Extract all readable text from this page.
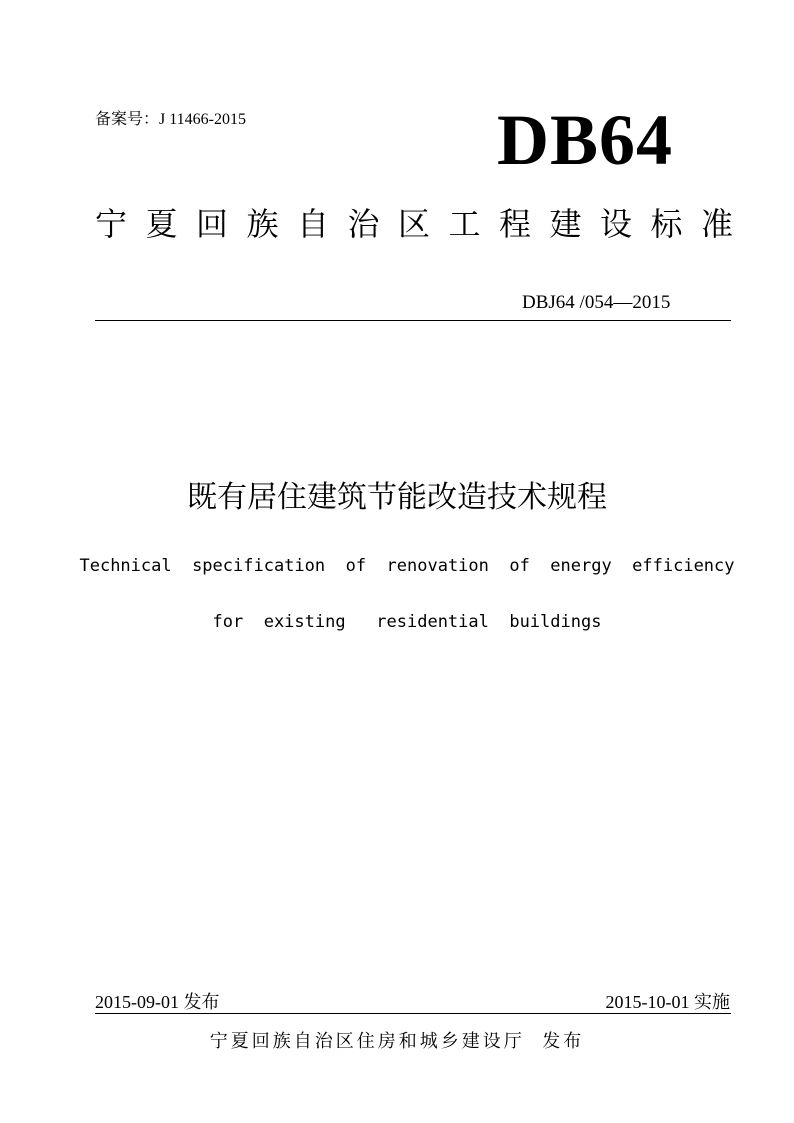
备案号：J 11466-2015	DB64
宁夏回族自治区工程建设标准
DBJ64 /054—2015
既有居住建筑节能改造技术规程
Technical  specification  of  renovation  of  energy  efficiency
for  existing   residential  buildings
2015-09-01 发布	2015-10-01 实施
宁夏回族自治区住房和城乡建设厅  发布
